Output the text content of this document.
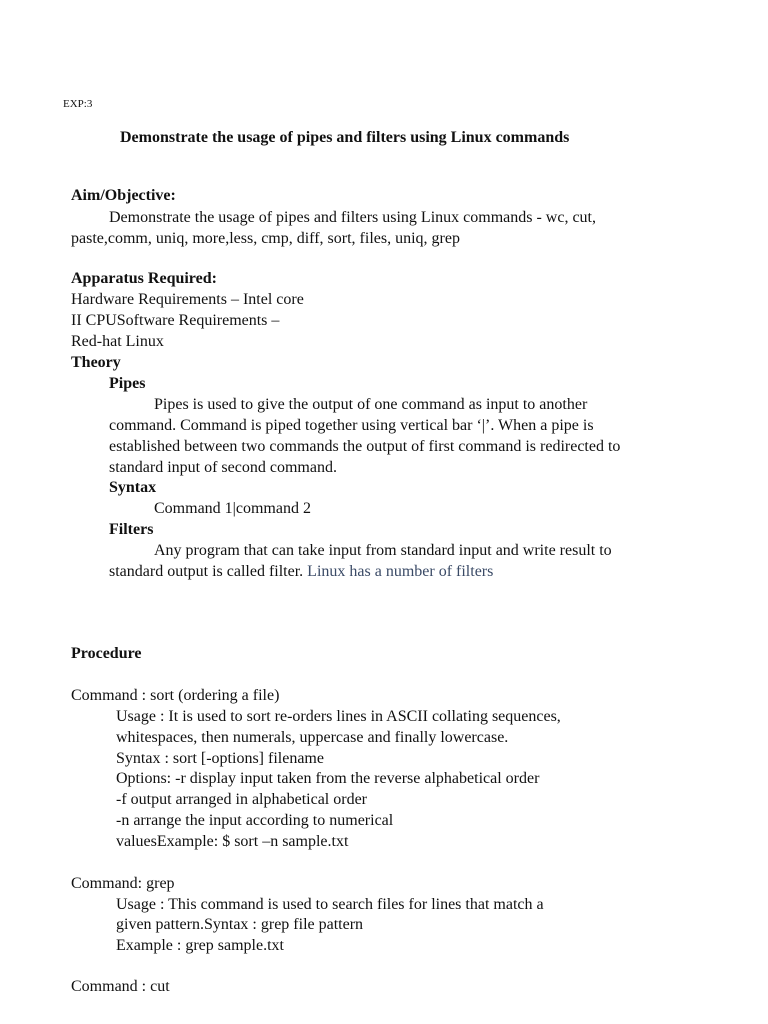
EXP:3
Demonstrate the usage of pipes and filters using Linux commands
Aim/Objective:
Demonstrate the usage of pipes and filters using Linux commands - wc, cut,
paste,comm, uniq, more,less, cmp, diff, sort, files, uniq, grep
Apparatus Required:
Hardware Requirements – Intel core
II CPUSoftware Requirements –
Red-hat Linux
Theory
Pipes
Pipes is used to give the output of one command as input to another
command. Command is piped together using vertical bar ‘|’. When a pipe is
established between two commands the output of first command is redirected to
standard input of second command.
Syntax
Command 1|command 2
Filters
Any program that can take input from standard input and write result to
standard output is called filter. Linux has a number of filters
Procedure
Command : sort (ordering a file)
Usage : It is used to sort re-orders lines in ASCII collating sequences,
whitespaces, then numerals, uppercase and finally lowercase.
Syntax : sort [-options] filename
Options: -r display input taken from the reverse alphabetical order
-f output arranged in alphabetical order
-n arrange the input according to numerical
valuesExample: $ sort –n sample.txt
Command: grep
Usage : This command is used to search files for lines that match a
given pattern.Syntax : grep file pattern
Example : grep sample.txt
Command : cut
